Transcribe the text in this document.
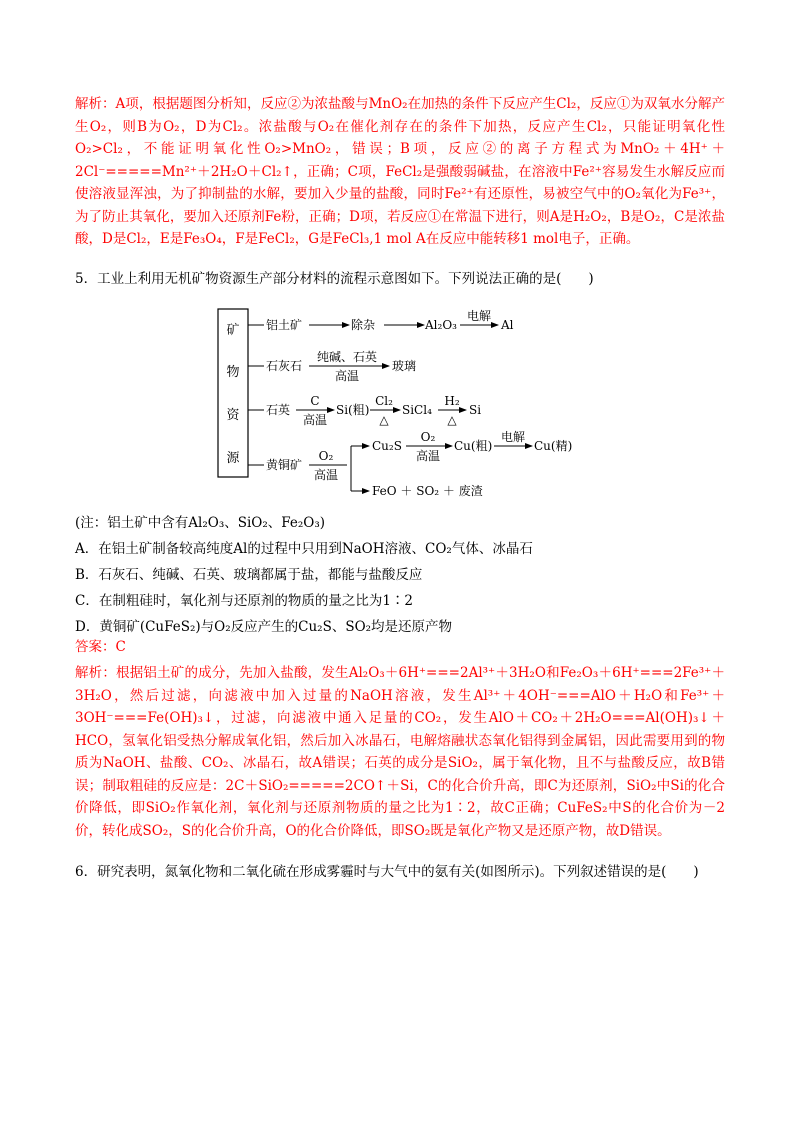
解析：A项，根据题图分析知，反应②为浓盐酸与MnO₂在加热的条件下反应产生Cl₂，反应①为双氧水分解产生O₂，则B为O₂，D为Cl₂。浓盐酸与O₂在催化剂存在的条件下加热，反应产生Cl₂，只能证明氧化性O₂>Cl₂，不能证明氧化性O₂>MnO₂，错误；B项，反应②的离子方程式为MnO₂＋4H⁺＋2Cl⁻=====Mn²⁺＋2H₂O＋Cl₂↑，正确；C项，FeCl₂是强酸弱碱盐，在溶液中Fe²⁺容易发生水解反应而使溶液显浑浊，为了抑制盐的水解，要加入少量的盐酸，同时Fe²⁺有还原性，易被空气中的O₂氧化为Fe³⁺，为了防止其氧化，要加入还原剂Fe粉，正确；D项，若反应①在常温下进行，则A是H₂O₂，B是O₂，C是浓盐酸，D是Cl₂，E是Fe₃O₄，F是FeCl₂，G是FeCl₃,1 mol A在反应中能转移1 mol电子，正确。

5．工业上利用无机矿物资源生产部分材料的流程示意图如下。下列说法正确的是(　　)

矿
物
资
源
铝土矿	除杂	Al₂O₃
电解
Al
石灰石
纯碱、石英
高温
玻璃
石英
C
高温
Si(粗)
Cl₂
△
SiCl₄
H₂
△
Si
黄铜矿
O₂
高温
Cu₂S
O₂
高温
Cu(粗)
电解
Cu(精)
FeO ＋ SO₂ ＋ 废渣

(注：铝土矿中含有Al₂O₃、SiO₂、Fe₂O₃)

A．在铝土矿制备较高纯度Al的过程中只用到NaOH溶液、CO₂气体、冰晶石

B．石灰石、纯碱、石英、玻璃都属于盐，都能与盐酸反应

C．在制粗硅时，氧化剂与还原剂的物质的量之比为1∶2

D．黄铜矿(CuFeS₂)与O₂反应产生的Cu₂S、SO₂均是还原产物

答案：C

解析：根据铝土矿的成分，先加入盐酸，发生Al₂O₃＋6H⁺===2Al³⁺＋3H₂O和Fe₂O₃＋6H⁺===2Fe³⁺＋3H₂O，然后过滤，向滤液中加入过量的NaOH溶液，发生Al³⁺＋4OH⁻===AlO＋H₂O和Fe³⁺＋3OH⁻===Fe(OH)₃↓，过滤，向滤液中通入足量的CO₂，发生AlO＋CO₂＋2H₂O===Al(OH)₃↓＋HCO，氢氧化铝受热分解成氧化铝，然后加入冰晶石，电解熔融状态氧化铝得到金属铝，因此需要用到的物质为NaOH、盐酸、CO₂、冰晶石，故A错误；石英的成分是SiO₂，属于氧化物，且不与盐酸反应，故B错误；制取粗硅的反应是：2C＋SiO₂=====2CO↑＋Si，C的化合价升高，即C为还原剂，SiO₂中Si的化合价降低，即SiO₂作氧化剂，氧化剂与还原剂物质的量之比为1∶2，故C正确；CuFeS₂中S的化合价为－2价，转化成SO₂，S的化合价升高，O的化合价降低，即SO₂既是氧化产物又是还原产物，故D错误。

6．研究表明，氮氧化物和二氧化硫在形成雾霾时与大气中的氨有关(如图所示)。下列叙述错误的是(　　)
